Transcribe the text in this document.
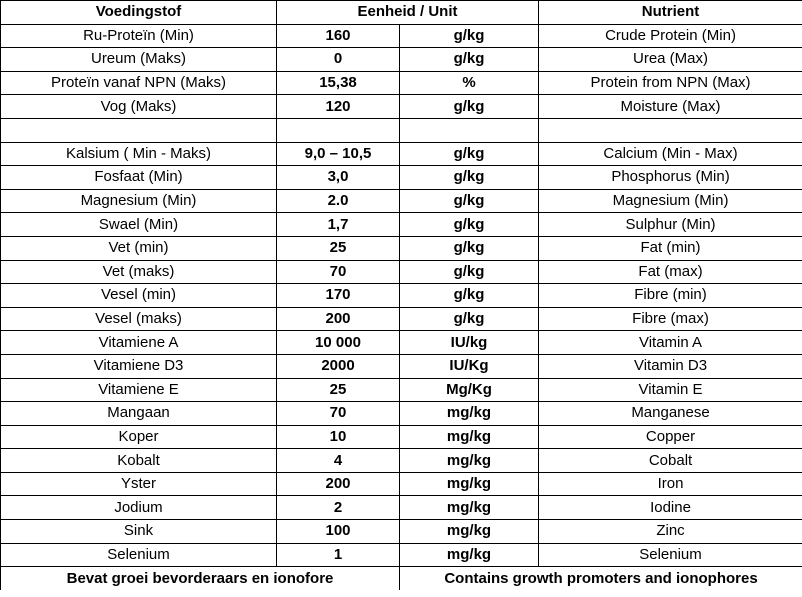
Voedingstof	Eenheid / Unit		Nutrient
Ru-Proteïn (Min)	160	g/kg	Crude Protein (Min)
Ureum (Maks)	0	g/kg	Urea (Max)
Proteïn vanaf NPN (Maks)	15,38	%	Protein from NPN (Max)
Vog (Maks)	120	g/kg	Moisture (Max)

Kalsium ( Min - Maks)	9,0 – 10,5	g/kg	Calcium (Min - Max)
Fosfaat (Min)	3,0	g/kg	Phosphorus (Min)
Magnesium (Min)	2.0	g/kg	Magnesium (Min)
Swael (Min)	1,7	g/kg	Sulphur (Min)
Vet (min)	25	g/kg	Fat (min)
Vet (maks)	70	g/kg	Fat (max)
Vesel (min)	170	g/kg	Fibre (min)
Vesel (maks)	200	g/kg	Fibre (max)
Vitamiene A	10 000	IU/kg	Vitamin A
Vitamiene D3	2000	IU/Kg	Vitamin D3
Vitamiene E	25	Mg/Kg	Vitamin E
Mangaan	70	mg/kg	Manganese
Koper	10	mg/kg	Copper
Kobalt	4	mg/kg	Cobalt
Yster	200	mg/kg	Iron
Jodium	2	mg/kg	Iodine
Sink	100	mg/kg	Zinc
Selenium	1	mg/kg	Selenium
Bevat groei bevorderaars en ionofore		Contains growth promoters and ionophores	
